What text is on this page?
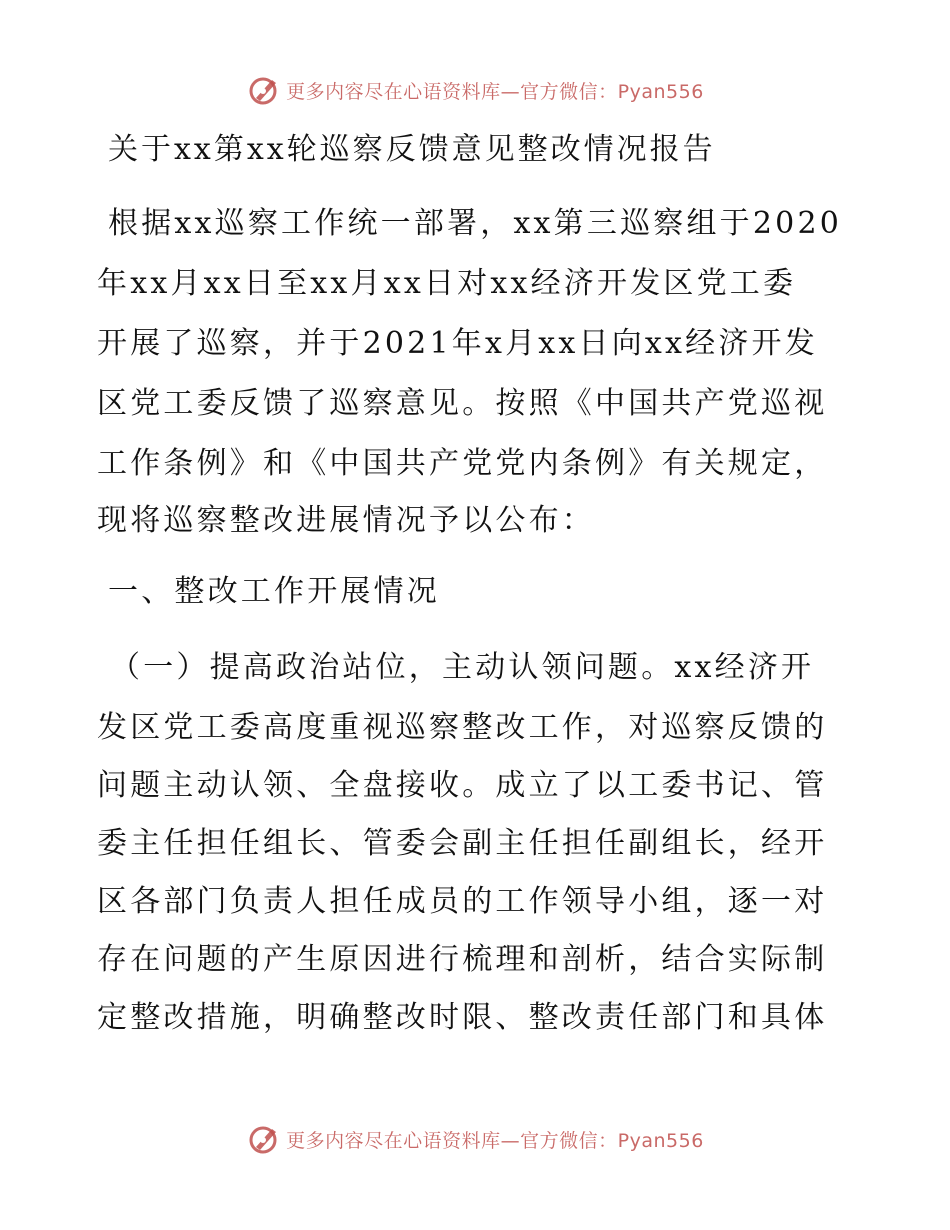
更多内容尽在心语资料库—官方微信：Pyan556
关于xx第xx轮巡察反馈意见整改情况报告
根据xx巡察工作统一部署，xx第三巡察组于2020
年xx月xx日至xx月xx日对xx经济开发区党工委
开展了巡察，并于2021年x月xx日向xx经济开发
区党工委反馈了巡察意见。按照《中国共产党巡视
工作条例》和《中国共产党党内条例》有关规定，
现将巡察整改进展情况予以公布：
一、整改工作开展情况
（一）提高政治站位，主动认领问题。xx经济开
发区党工委高度重视巡察整改工作，对巡察反馈的
问题主动认领、全盘接收。成立了以工委书记、管
委主任担任组长、管委会副主任担任副组长，经开
区各部门负责人担任成员的工作领导小组，逐一对
存在问题的产生原因进行梳理和剖析，结合实际制
定整改措施，明确整改时限、整改责任部门和具体
更多内容尽在心语资料库—官方微信：Pyan556
